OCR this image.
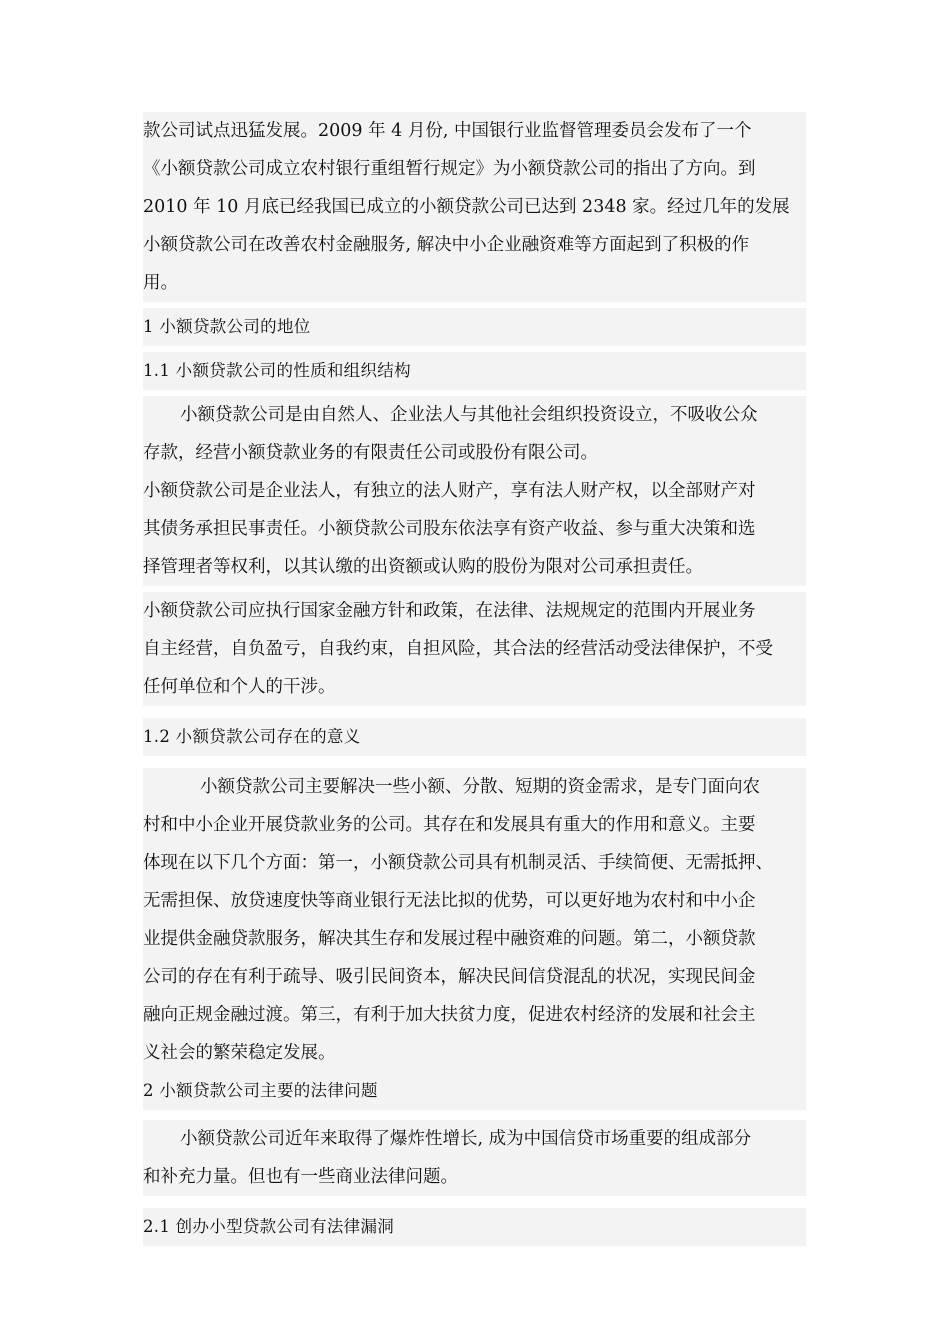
款公司试点迅猛发展。2009 年 4 月份, 中国银行业监督管理委员会发布了一个
《小额贷款公司成立农村银行重组暂行规定》为小额贷款公司的指出了方向。到
2010 年 10 月底已经我国已成立的小额贷款公司已达到 2348 家。经过几年的发展
小额贷款公司在改善农村金融服务, 解决中小企业融资难等方面起到了积极的作
用。
1 小额贷款公司的地位
1.1 小额贷款公司的性质和组织结构
小额贷款公司是由自然人、企业法人与其他社会组织投资设立，不吸收公众
存款，经营小额贷款业务的有限责任公司或股份有限公司。
小额贷款公司是企业法人，有独立的法人财产，享有法人财产权，以全部财产对
其债务承担民事责任。小额贷款公司股东依法享有资产收益、参与重大决策和选
择管理者等权利，以其认缴的出资额或认购的股份为限对公司承担责任。
小额贷款公司应执行国家金融方针和政策，在法律、法规规定的范围内开展业务
自主经营，自负盈亏，自我约束，自担风险，其合法的经营活动受法律保护，不受
任何单位和个人的干涉。
1.2 小额贷款公司存在的意义
小额贷款公司主要解决一些小额、分散、短期的资金需求，是专门面向农
村和中小企业开展贷款业务的公司。其存在和发展具有重大的作用和意义。主要
体现在以下几个方面：第一，小额贷款公司具有机制灵活、手续简便、无需抵押、
无需担保、放贷速度快等商业银行无法比拟的优势，可以更好地为农村和中小企
业提供金融贷款服务，解决其生存和发展过程中融资难的问题。第二，小额贷款
公司的存在有利于疏导、吸引民间资本，解决民间信贷混乱的状况，实现民间金
融向正规金融过渡。第三，有利于加大扶贫力度，促进农村经济的发展和社会主
义社会的繁荣稳定发展。
2 小额贷款公司主要的法律问题
小额贷款公司近年来取得了爆炸性增长, 成为中国信贷市场重要的组成部分
和补充力量。但也有一些商业法律问题。
2.1 创办小型贷款公司有法律漏洞
